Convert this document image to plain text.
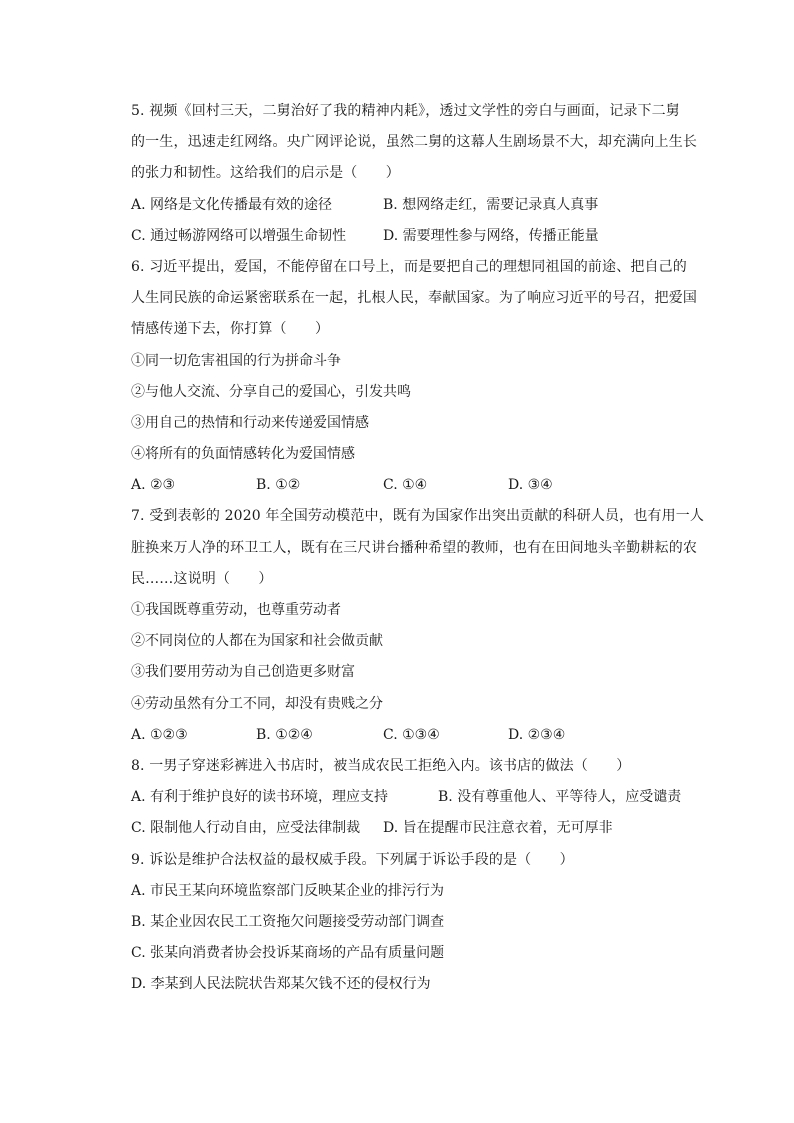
5. 视频《回村三天，二舅治好了我的精神内耗》，透过文学性的旁白与画面，记录下二舅
的一生，迅速走红网络。央广网评论说，虽然二舅的这幕人生剧场景不大，却充满向上生长
的张力和韧性。这给我们的启示是（　　）
A. 网络是文化传播最有效的途径	B. 想网络走红，需要记录真人真事
C. 通过畅游网络可以增强生命韧性	D. 需要理性参与网络，传播正能量
6. 习近平提出，爱国，不能停留在口号上，而是要把自己的理想同祖国的前途、把自己的
人生同民族的命运紧密联系在一起，扎根人民，奉献国家。为了响应习近平的号召，把爱国
情感传递下去，你打算（　　）
①同一切危害祖国的行为拼命斗争
②与他人交流、分享自己的爱国心，引发共鸣
③用自己的热情和行动来传递爱国情感
④将所有的负面情感转化为爱国情感
A. ②③	B. ①②	C. ①④	D. ③④
7. 受到表彰的 2020 年全国劳动模范中，既有为国家作出突出贡献的科研人员，也有用一人
脏换来万人净的环卫工人，既有在三尺讲台播种希望的教师，也有在田间地头辛勤耕耘的农
民……这说明（　　）
①我国既尊重劳动，也尊重劳动者
②不同岗位的人都在为国家和社会做贡献
③我们要用劳动为自己创造更多财富
④劳动虽然有分工不同，却没有贵贱之分
A. ①②③	B. ①②④	C. ①③④	D. ②③④
8. 一男子穿迷彩裤进入书店时，被当成农民工拒绝入内。该书店的做法（　　）
A. 有利于维护良好的读书环境，理应支持	B. 没有尊重他人、平等待人，应受谴责
C. 限制他人行动自由，应受法律制裁 D. 旨在提醒市民注意衣着，无可厚非
9. 诉讼是维护合法权益的最权威手段。下列属于诉讼手段的是（　　）
A. 市民王某向环境监察部门反映某企业的排污行为
B. 某企业因农民工工资拖欠问题接受劳动部门调查
C. 张某向消费者协会投诉某商场的产品有质量问题
D. 李某到人民法院状告郑某欠钱不还的侵权行为
